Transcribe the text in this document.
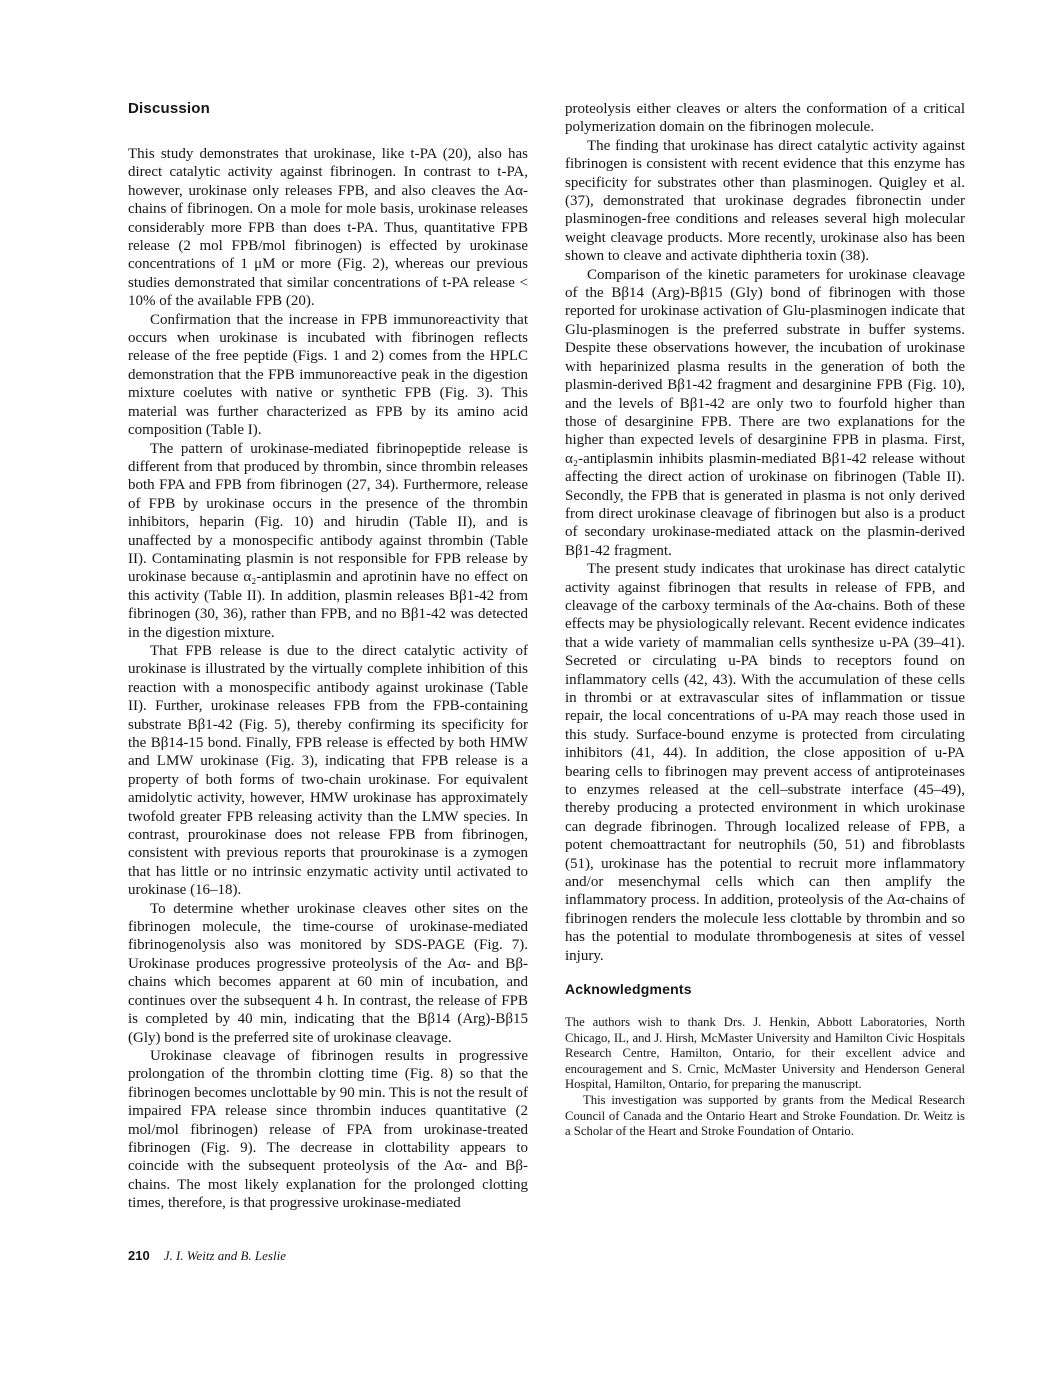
Discussion

This study demonstrates that urokinase, like t-PA (20), also has direct catalytic activity against fibrinogen. In contrast to t-PA, however, urokinase only releases FPB, and also cleaves the Aα-chains of fibrinogen. On a mole for mole basis, urokinase releases considerably more FPB than does t-PA. Thus, quantitative FPB release (2 mol FPB/mol fibrinogen) is effected by urokinase concentrations of 1 μM or more (Fig. 2), whereas our previous studies demonstrated that similar concentrations of t-PA release < 10% of the available FPB (20).

Confirmation that the increase in FPB immunoreactivity that occurs when urokinase is incubated with fibrinogen reflects release of the free peptide (Figs. 1 and 2) comes from the HPLC demonstration that the FPB immunoreactive peak in the digestion mixture coelutes with native or synthetic FPB (Fig. 3). This material was further characterized as FPB by its amino acid composition (Table I).

The pattern of urokinase-mediated fibrinopeptide release is different from that produced by thrombin, since thrombin releases both FPA and FPB from fibrinogen (27, 34). Furthermore, release of FPB by urokinase occurs in the presence of the thrombin inhibitors, heparin (Fig. 10) and hirudin (Table II), and is unaffected by a monospecific antibody against thrombin (Table II). Contaminating plasmin is not responsible for FPB release by urokinase because α₂-antiplasmin and aprotinin have no effect on this activity (Table II). In addition, plasmin releases Bβ1-42 from fibrinogen (30, 36), rather than FPB, and no Bβ1-42 was detected in the digestion mixture.

That FPB release is due to the direct catalytic activity of urokinase is illustrated by the virtually complete inhibition of this reaction with a monospecific antibody against urokinase (Table II). Further, urokinase releases FPB from the FPB-containing substrate Bβ1-42 (Fig. 5), thereby confirming its specificity for the Bβ14-15 bond. Finally, FPB release is effected by both HMW and LMW urokinase (Fig. 3), indicating that FPB release is a property of both forms of two-chain urokinase. For equivalent amidolytic activity, however, HMW urokinase has approximately twofold greater FPB releasing activity than the LMW species. In contrast, prourokinase does not release FPB from fibrinogen, consistent with previous reports that prourokinase is a zymogen that has little or no intrinsic enzymatic activity until activated to urokinase (16–18).

To determine whether urokinase cleaves other sites on the fibrinogen molecule, the time-course of urokinase-mediated fibrinogenolysis also was monitored by SDS-PAGE (Fig. 7). Urokinase produces progressive proteolysis of the Aα- and Bβ-chains which becomes apparent at 60 min of incubation, and continues over the subsequent 4 h. In contrast, the release of FPB is completed by 40 min, indicating that the Bβ14 (Arg)-Bβ15 (Gly) bond is the preferred site of urokinase cleavage.

Urokinase cleavage of fibrinogen results in progressive prolongation of the thrombin clotting time (Fig. 8) so that the fibrinogen becomes unclottable by 90 min. This is not the result of impaired FPA release since thrombin induces quantitative (2 mol/mol fibrinogen) release of FPA from urokinase-treated fibrinogen (Fig. 9). The decrease in clottability appears to coincide with the subsequent proteolysis of the Aα- and Bβ-chains. The most likely explanation for the prolonged clotting times, therefore, is that progressive urokinase-mediated

proteolysis either cleaves or alters the conformation of a critical polymerization domain on the fibrinogen molecule.

The finding that urokinase has direct catalytic activity against fibrinogen is consistent with recent evidence that this enzyme has specificity for substrates other than plasminogen. Quigley et al. (37), demonstrated that urokinase degrades fibronectin under plasminogen-free conditions and releases several high molecular weight cleavage products. More recently, urokinase also has been shown to cleave and activate diphtheria toxin (38).

Comparison of the kinetic parameters for urokinase cleavage of the Bβ14 (Arg)-Bβ15 (Gly) bond of fibrinogen with those reported for urokinase activation of Glu-plasminogen indicate that Glu-plasminogen is the preferred substrate in buffer systems. Despite these observations however, the incubation of urokinase with heparinized plasma results in the generation of both the plasmin-derived Bβ1-42 fragment and desarginine FPB (Fig. 10), and the levels of Bβ1-42 are only two to fourfold higher than those of desarginine FPB. There are two explanations for the higher than expected levels of desarginine FPB in plasma. First, α₂-antiplasmin inhibits plasmin-mediated Bβ1-42 release without affecting the direct action of urokinase on fibrinogen (Table II). Secondly, the FPB that is generated in plasma is not only derived from direct urokinase cleavage of fibrinogen but also is a product of secondary urokinase-mediated attack on the plasmin-derived Bβ1-42 fragment.

The present study indicates that urokinase has direct catalytic activity against fibrinogen that results in release of FPB, and cleavage of the carboxy terminals of the Aα-chains. Both of these effects may be physiologically relevant. Recent evidence indicates that a wide variety of mammalian cells synthesize u-PA (39–41). Secreted or circulating u-PA binds to receptors found on inflammatory cells (42, 43). With the accumulation of these cells in thrombi or at extravascular sites of inflammation or tissue repair, the local concentrations of u-PA may reach those used in this study. Surface-bound enzyme is protected from circulating inhibitors (41, 44). In addition, the close apposition of u-PA bearing cells to fibrinogen may prevent access of antiproteinases to enzymes released at the cell–substrate interface (45–49), thereby producing a protected environment in which urokinase can degrade fibrinogen. Through localized release of FPB, a potent chemoattractant for neutrophils (50, 51) and fibroblasts (51), urokinase has the potential to recruit more inflammatory and/or mesenchymal cells which can then amplify the inflammatory process. In addition, proteolysis of the Aα-chains of fibrinogen renders the molecule less clottable by thrombin and so has the potential to modulate thrombogenesis at sites of vessel injury.

Acknowledgments

The authors wish to thank Drs. J. Henkin, Abbott Laboratories, North Chicago, IL, and J. Hirsh, McMaster University and Hamilton Civic Hospitals Research Centre, Hamilton, Ontario, for their excellent advice and encouragement and S. Crnic, McMaster University and Henderson General Hospital, Hamilton, Ontario, for preparing the manuscript.

This investigation was supported by grants from the Medical Research Council of Canada and the Ontario Heart and Stroke Foundation. Dr. Weitz is a Scholar of the Heart and Stroke Foundation of Ontario.

210 J. I. Weitz and B. Leslie
